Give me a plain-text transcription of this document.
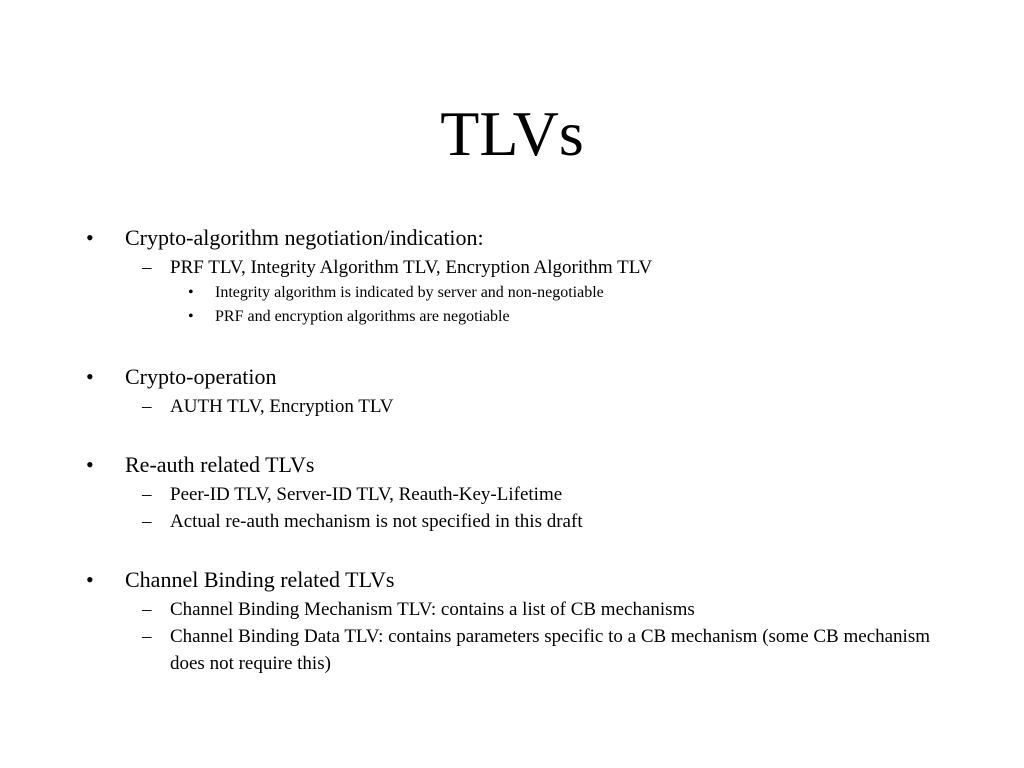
TLVs
• Crypto-algorithm negotiation/indication:
– PRF TLV, Integrity Algorithm TLV, Encryption Algorithm TLV
• Integrity algorithm is indicated by server and non-negotiable
• PRF and encryption algorithms are negotiable
• Crypto-operation
– AUTH TLV, Encryption TLV
• Re-auth related TLVs
– Peer-ID TLV, Server-ID TLV, Reauth-Key-Lifetime
– Actual re-auth mechanism is not specified in this draft
• Channel Binding related TLVs
– Channel Binding Mechanism TLV: contains a list of CB mechanisms
– Channel Binding Data TLV: contains parameters specific to a CB mechanism (some CB mechanism does not require this)
